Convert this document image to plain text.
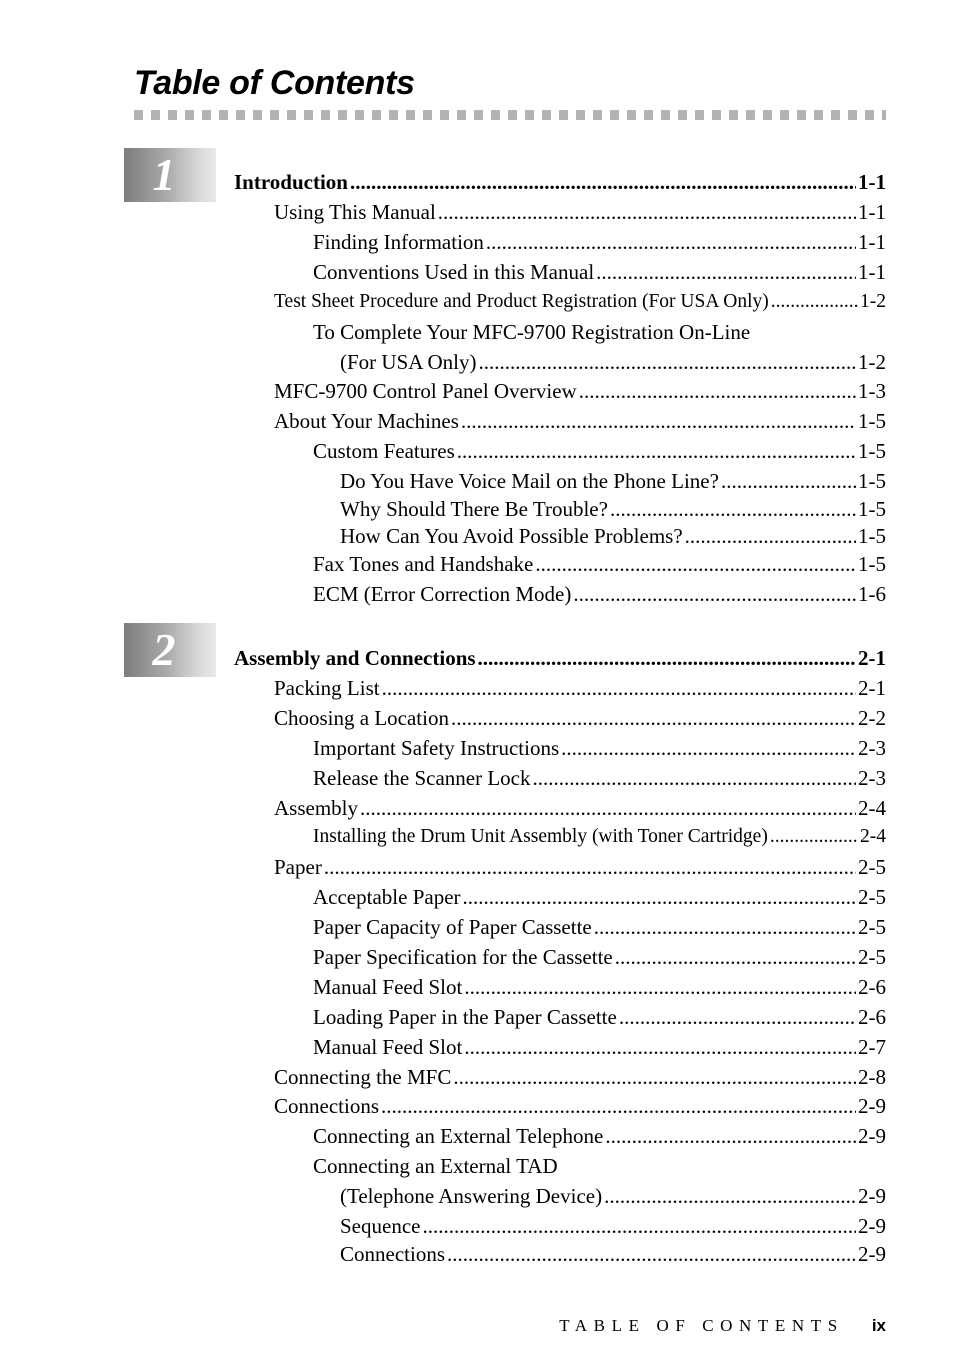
Table of Contents
1
2
Introduction .....	1-1
Using This Manual .....	1-1
Finding Information .....	1-1
Conventions Used in this Manual .....	1-1
Test Sheet Procedure and Product Registration (For USA Only) .....	1-2
To Complete Your MFC-9700 Registration On-Line
(For USA Only) .....	1-2
MFC-9700 Control Panel Overview .....	1-3
About Your Machines .....	1-5
Custom Features .....	1-5
Do You Have Voice Mail on the Phone Line? .....	1-5
Why Should There Be Trouble? .....	1-5
How Can You Avoid Possible Problems? .....	1-5
Fax Tones and Handshake .....	1-5
ECM (Error Correction Mode) .....	1-6
Assembly and Connections .....	2-1
Packing List .....	2-1
Choosing a Location .....	2-2
Important Safety Instructions .....	2-3
Release the Scanner Lock .....	2-3
Assembly .....	2-4
Installing the Drum Unit Assembly (with Toner Cartridge) .....	2-4
Paper .....	2-5
Acceptable Paper .....	2-5
Paper Capacity of Paper Cassette .....	2-5
Paper Specification for the Cassette .....	2-5
Manual Feed Slot .....	2-6
Loading Paper in the Paper Cassette .....	2-6
Manual Feed Slot .....	2-7
Connecting the MFC .....	2-8
Connections .....	2-9
Connecting an External Telephone .....	2-9
Connecting an External TAD
(Telephone Answering Device) .....	2-9
Sequence .....	2-9
Connections .....	2-9
TABLE OF CONTENTS ix
